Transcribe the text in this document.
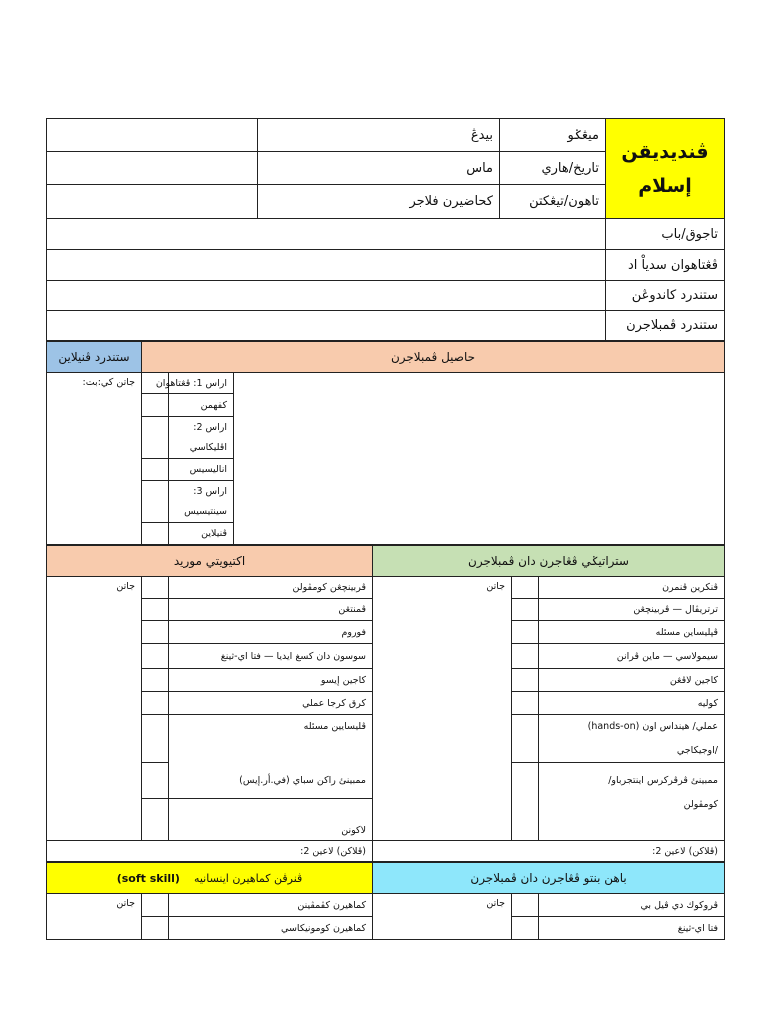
	بيدڠ	ميڠݢو	ڤنديديقن
إسلام

	ماس	تاريخ/هاري	
	كحاضيرن فلاجر	تاهون/تيڠکتن	
			تاجوق/باب
			ڤڠتاهوان سدياْ اد
			ستندرد كاندوڠن
			ستندرد ڤمبلاجرن
ستندرد ڤنيلاين	حاصيل ڤمبلاجرن		
جاتن كي:بت:		اراس 1: ڤڠتاهوان	
		كفهمن	
		اراس 2:	
		اڤليكاسي	
		اناليسيس	
		اراس 3:	
		سينتيسيس	
		ڤنيلاين	
اكتيويتي موريد			ستراتيݢي ڤڠاجرن دان ڤمبلاجرن		
جاتن		ڤربينچڠن كومڤولن	جاتن		ڤنكرين ڤنمرن
		ڤمنتڠن			ترتريڤال — ڤربينچڠن
		فوروم			ڤڽليساين مسئله
		سوسون دان كسغ ايديا — فتا اي-ثينغ			سيمولاسي — ماين ڤرانن
		كاجين إيسو			كاجين لاڤڠن
		كرق كرجا عملي			كوليه
		ڤليسايين مسئله			عملي/ هينداس اون (hands-on)
					/اوجيكاجي
		ممبينئ راكن سباي (في.أر.إيس)			ممبينئ ڤرڤركرس اينتجرباو/
		لاكونن			كومڤولن
(ڤلاكن) لاعين 2:			(ڤلاكن) لاعين 2:		
(soft skill) ڤنرڤن كماهيرن اينسانيه			باهن بنتو ڤڠاجرن دان ڤمبلاجرن		
جاتن		كماهيرن كڤمڤينن	جاتن		ڤروكوك دي ڤيل بي
		كماهيرن كومونيكاسي			فتا اي-ثينغ
